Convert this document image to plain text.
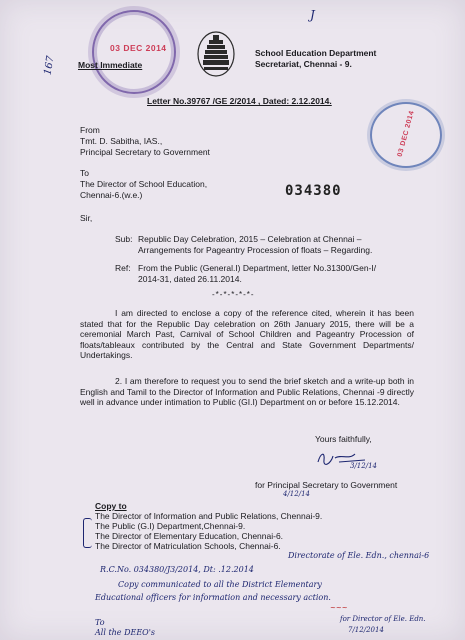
03 DEC 2014
03 DEC 2014
Most Immediate
School Education Department
Secretariat, Chennai - 9.
Letter No.39767 /GE 2/2014 , Dated: 2.12.2014.
167
J
From
Tmt. D. Sabitha, IAS.,
Principal Secretary to Government
To
The Director of School Education,
Chennai-6.(w.e.)	034380
Sir,
Sub: Republic Day Celebration, 2015 – Celebration at Chennai –
Arrangements for Pageantry Procession of floats – Regarding.
Ref: From the Public (General.I) Department, letter No.31300/Gen-I/
2014-31, dated 26.11.2014.
-*-*-*-*-*-
I am directed to enclose a copy of the reference cited, wherein it has been stated that for the Republic Day celebration on 26th January 2015, there will be a ceremonial March Past, Carnival of School Children and Pageantry Procession of floats/tableaux contributed by the Central and State Government Departments/ Undertakings.
2. I am therefore to request you to send the brief sketch and a write-up both in English and Tamil to the Director of Information and Public Relations, Chennai -9 directly well in advance under intimation to Public (GI.I) Department on or before 15.12.2014.
Yours faithfully,
3/12/14
for Principal Secretary to Government
4/12/14
Copy to
The Director of Information and Public Relations, Chennai-9.
The Public (G.I) Department,Chennai-9.
The Director of Elementary Education, Chennai-6.
The Director of Matriculation Schools, Chennai-6.
Directorate of Ele. Edn., chennai-6
R.C.No. 034380/J3/2014, Dt: .12.2014
Copy communicated to all the District Elementary
Educational officers for information and necessary action.
~~~
for Director of Ele. Edn.
7/12/2014
To
All the DEEO's
